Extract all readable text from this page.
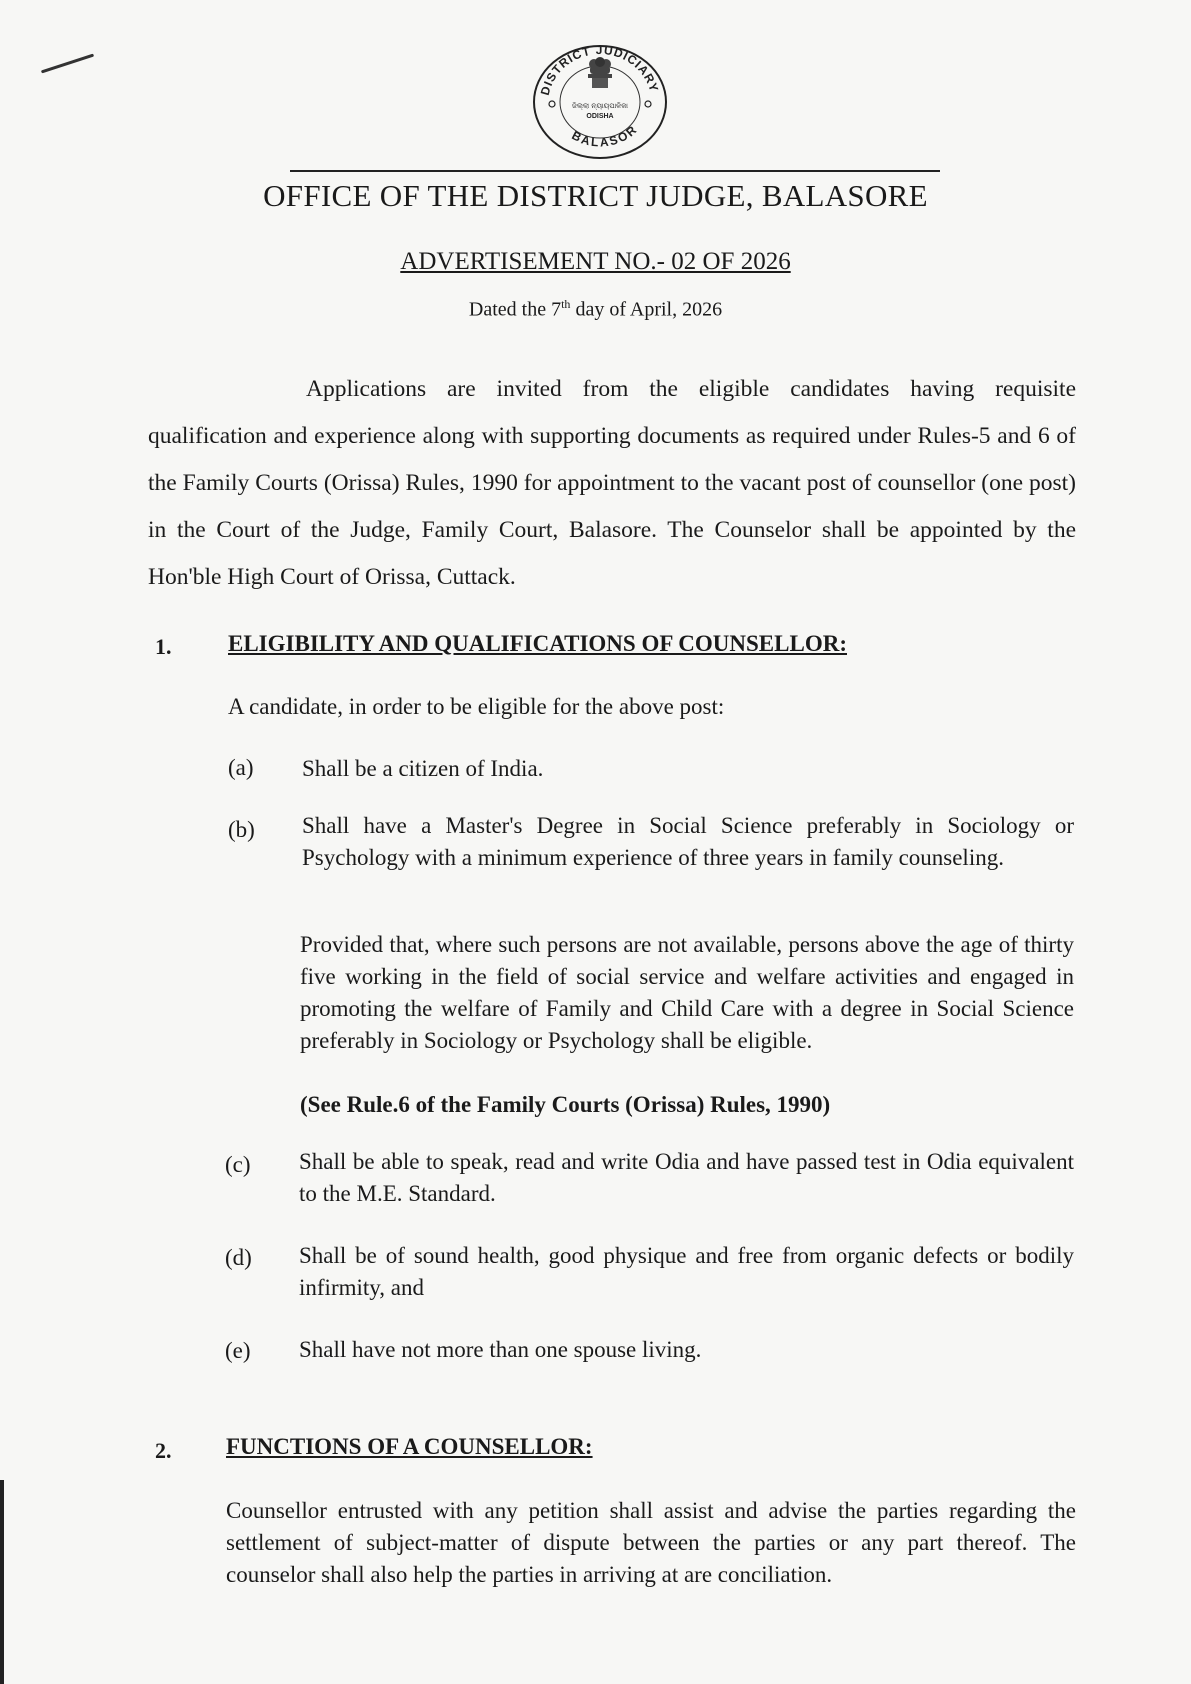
DISTRICT JUDICIARY
BALASOR
ଜିଲ୍ଲା ନ୍ୟାୟପାଳିକା
ODISHA
OFFICE OF THE DISTRICT JUDGE, BALASORE
ADVERTISEMENT NO.- 02 OF 2026
Dated the 7th day of April, 2026
Applications are invited from the eligible candidates having requisite qualification and experience along with supporting documents as required under Rules-5 and 6 of the Family Courts (Orissa) Rules, 1990 for appointment to the vacant post of counsellor (one post) in the Court of the Judge, Family Court, Balasore. The Counselor shall be appointed by the Hon'ble High Court of Orissa, Cuttack.
1. ELIGIBILITY AND QUALIFICATIONS OF COUNSELLOR:
A candidate, in order to be eligible for the above post:
(a) Shall be a citizen of India.
(b) Shall have a Master's Degree in Social Science preferably in Sociology or Psychology with a minimum experience of three years in family counseling.
Provided that, where such persons are not available, persons above the age of thirty five working in the field of social service and welfare activities and engaged in promoting the welfare of Family and Child Care with a degree in Social Science preferably in Sociology or Psychology shall be eligible.
(See Rule.6 of the Family Courts (Orissa) Rules, 1990)
(c) Shall be able to speak, read and write Odia and have passed test in Odia equivalent to the M.E. Standard.
(d) Shall be of sound health, good physique and free from organic defects or bodily infirmity, and
(e) Shall have not more than one spouse living.
2. FUNCTIONS OF A COUNSELLOR:
Counsellor entrusted with any petition shall assist and advise the parties regarding the settlement of subject-matter of dispute between the parties or any part thereof. The counselor shall also help the parties in arriving at are conciliation.
